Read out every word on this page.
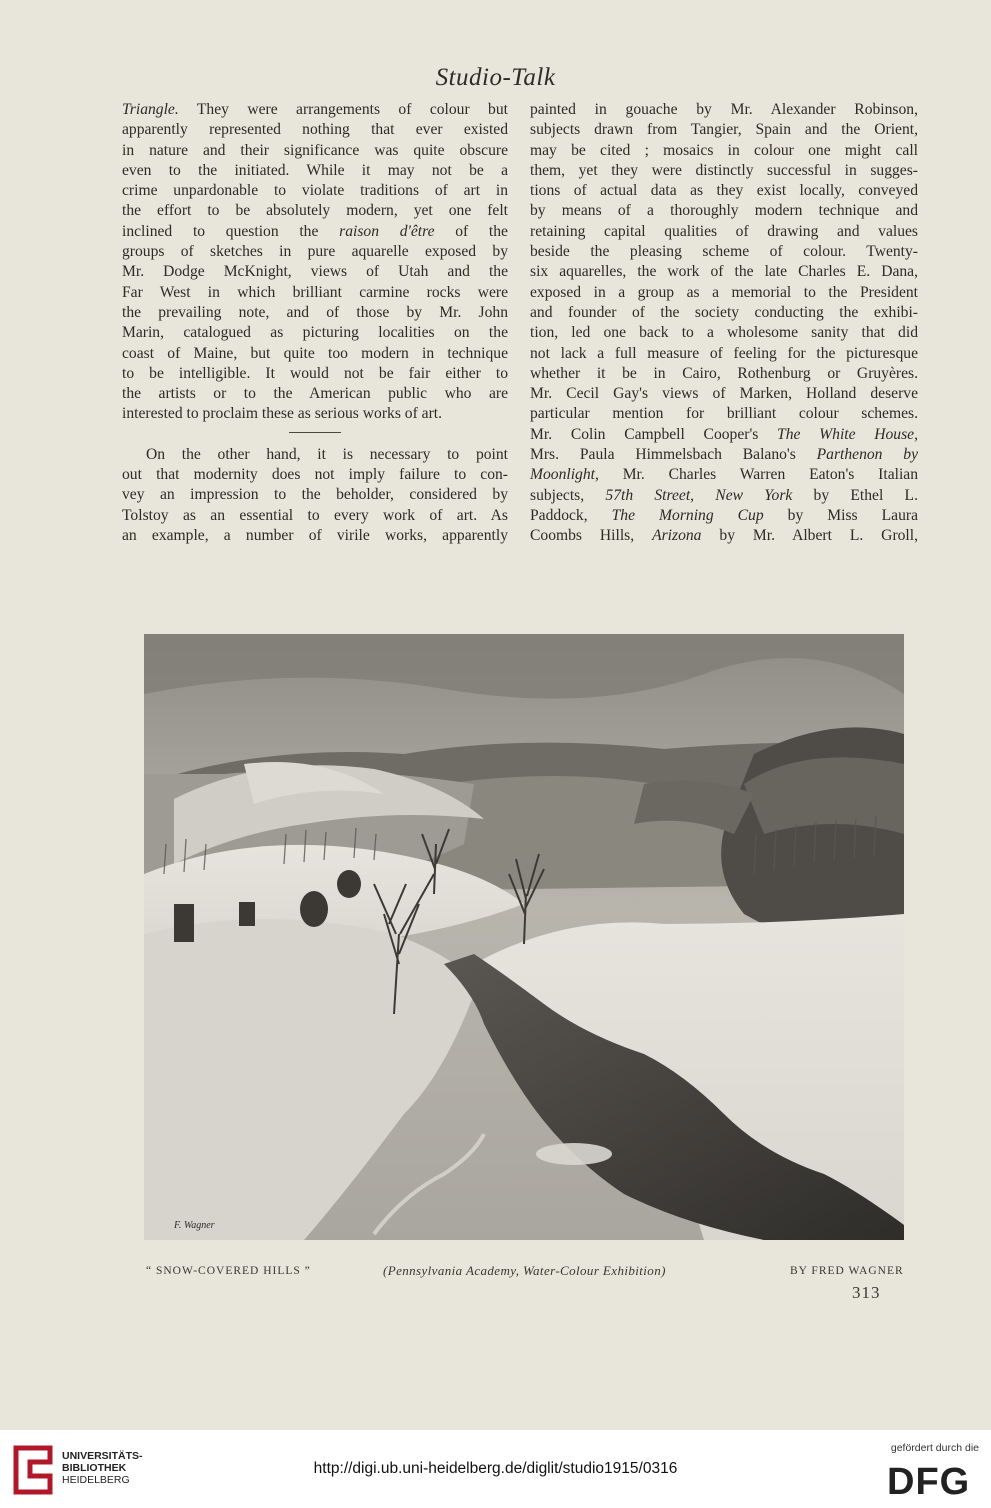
Studio-Talk
Triangle. They were arrangements of colour but
apparently represented nothing that ever existed
in nature and their significance was quite obscure
even to the initiated. While it may not be a
crime unpardonable to violate traditions of art in
the effort to be absolutely modern, yet one felt
inclined to question the raison d'être of the
groups of sketches in pure aquarelle exposed by
Mr. Dodge McKnight, views of Utah and the
Far West in which brilliant carmine rocks were
the prevailing note, and of those by Mr. John
Marin, catalogued as picturing localities on the
coast of Maine, but quite too modern in technique
to be intelligible. It would not be fair either to
the artists or to the American public who are
interested to proclaim these as serious works of art.
On the other hand, it is necessary to point
out that modernity does not imply failure to con-
vey an impression to the beholder, considered by
Tolstoy as an essential to every work of art. As
an example, a number of virile works, apparently
painted in gouache by Mr. Alexander Robinson,
subjects drawn from Tangier, Spain and the Orient,
may be cited ; mosaics in colour one might call
them, yet they were distinctly successful in sugges-
tions of actual data as they exist locally, conveyed
by means of a thoroughly modern technique and
retaining capital qualities of drawing and values
beside the pleasing scheme of colour. Twenty-
six aquarelles, the work of the late Charles E. Dana,
exposed in a group as a memorial to the President
and founder of the society conducting the exhibi-
tion, led one back to a wholesome sanity that did
not lack a full measure of feeling for the picturesque
whether it be in Cairo, Rothenburg or Gruyères.
Mr. Cecil Gay's views of Marken, Holland deserve
particular mention for brilliant colour schemes.
Mr. Colin Campbell Cooper's The White House,
Mrs. Paula Himmelsbach Balano's Parthenon by
Moonlight, Mr. Charles Warren Eaton's Italian
subjects, 57th Street, New York by Ethel L.
Paddock, The Morning Cup by Miss Laura
Coombs Hills, Arizona by Mr. Albert L. Groll,
F. Wagner
“ SNOW-COVERED HILLS ”	(Pennsylvania Academy, Water-Colour Exhibition)	BY FRED WAGNER
313
UNIVERSITÄTS-
BIBLIOTHEK
HEIDELBERG
http://digi.ub.uni-heidelberg.de/diglit/studio1915/0316
gefördert durch die
DFG
